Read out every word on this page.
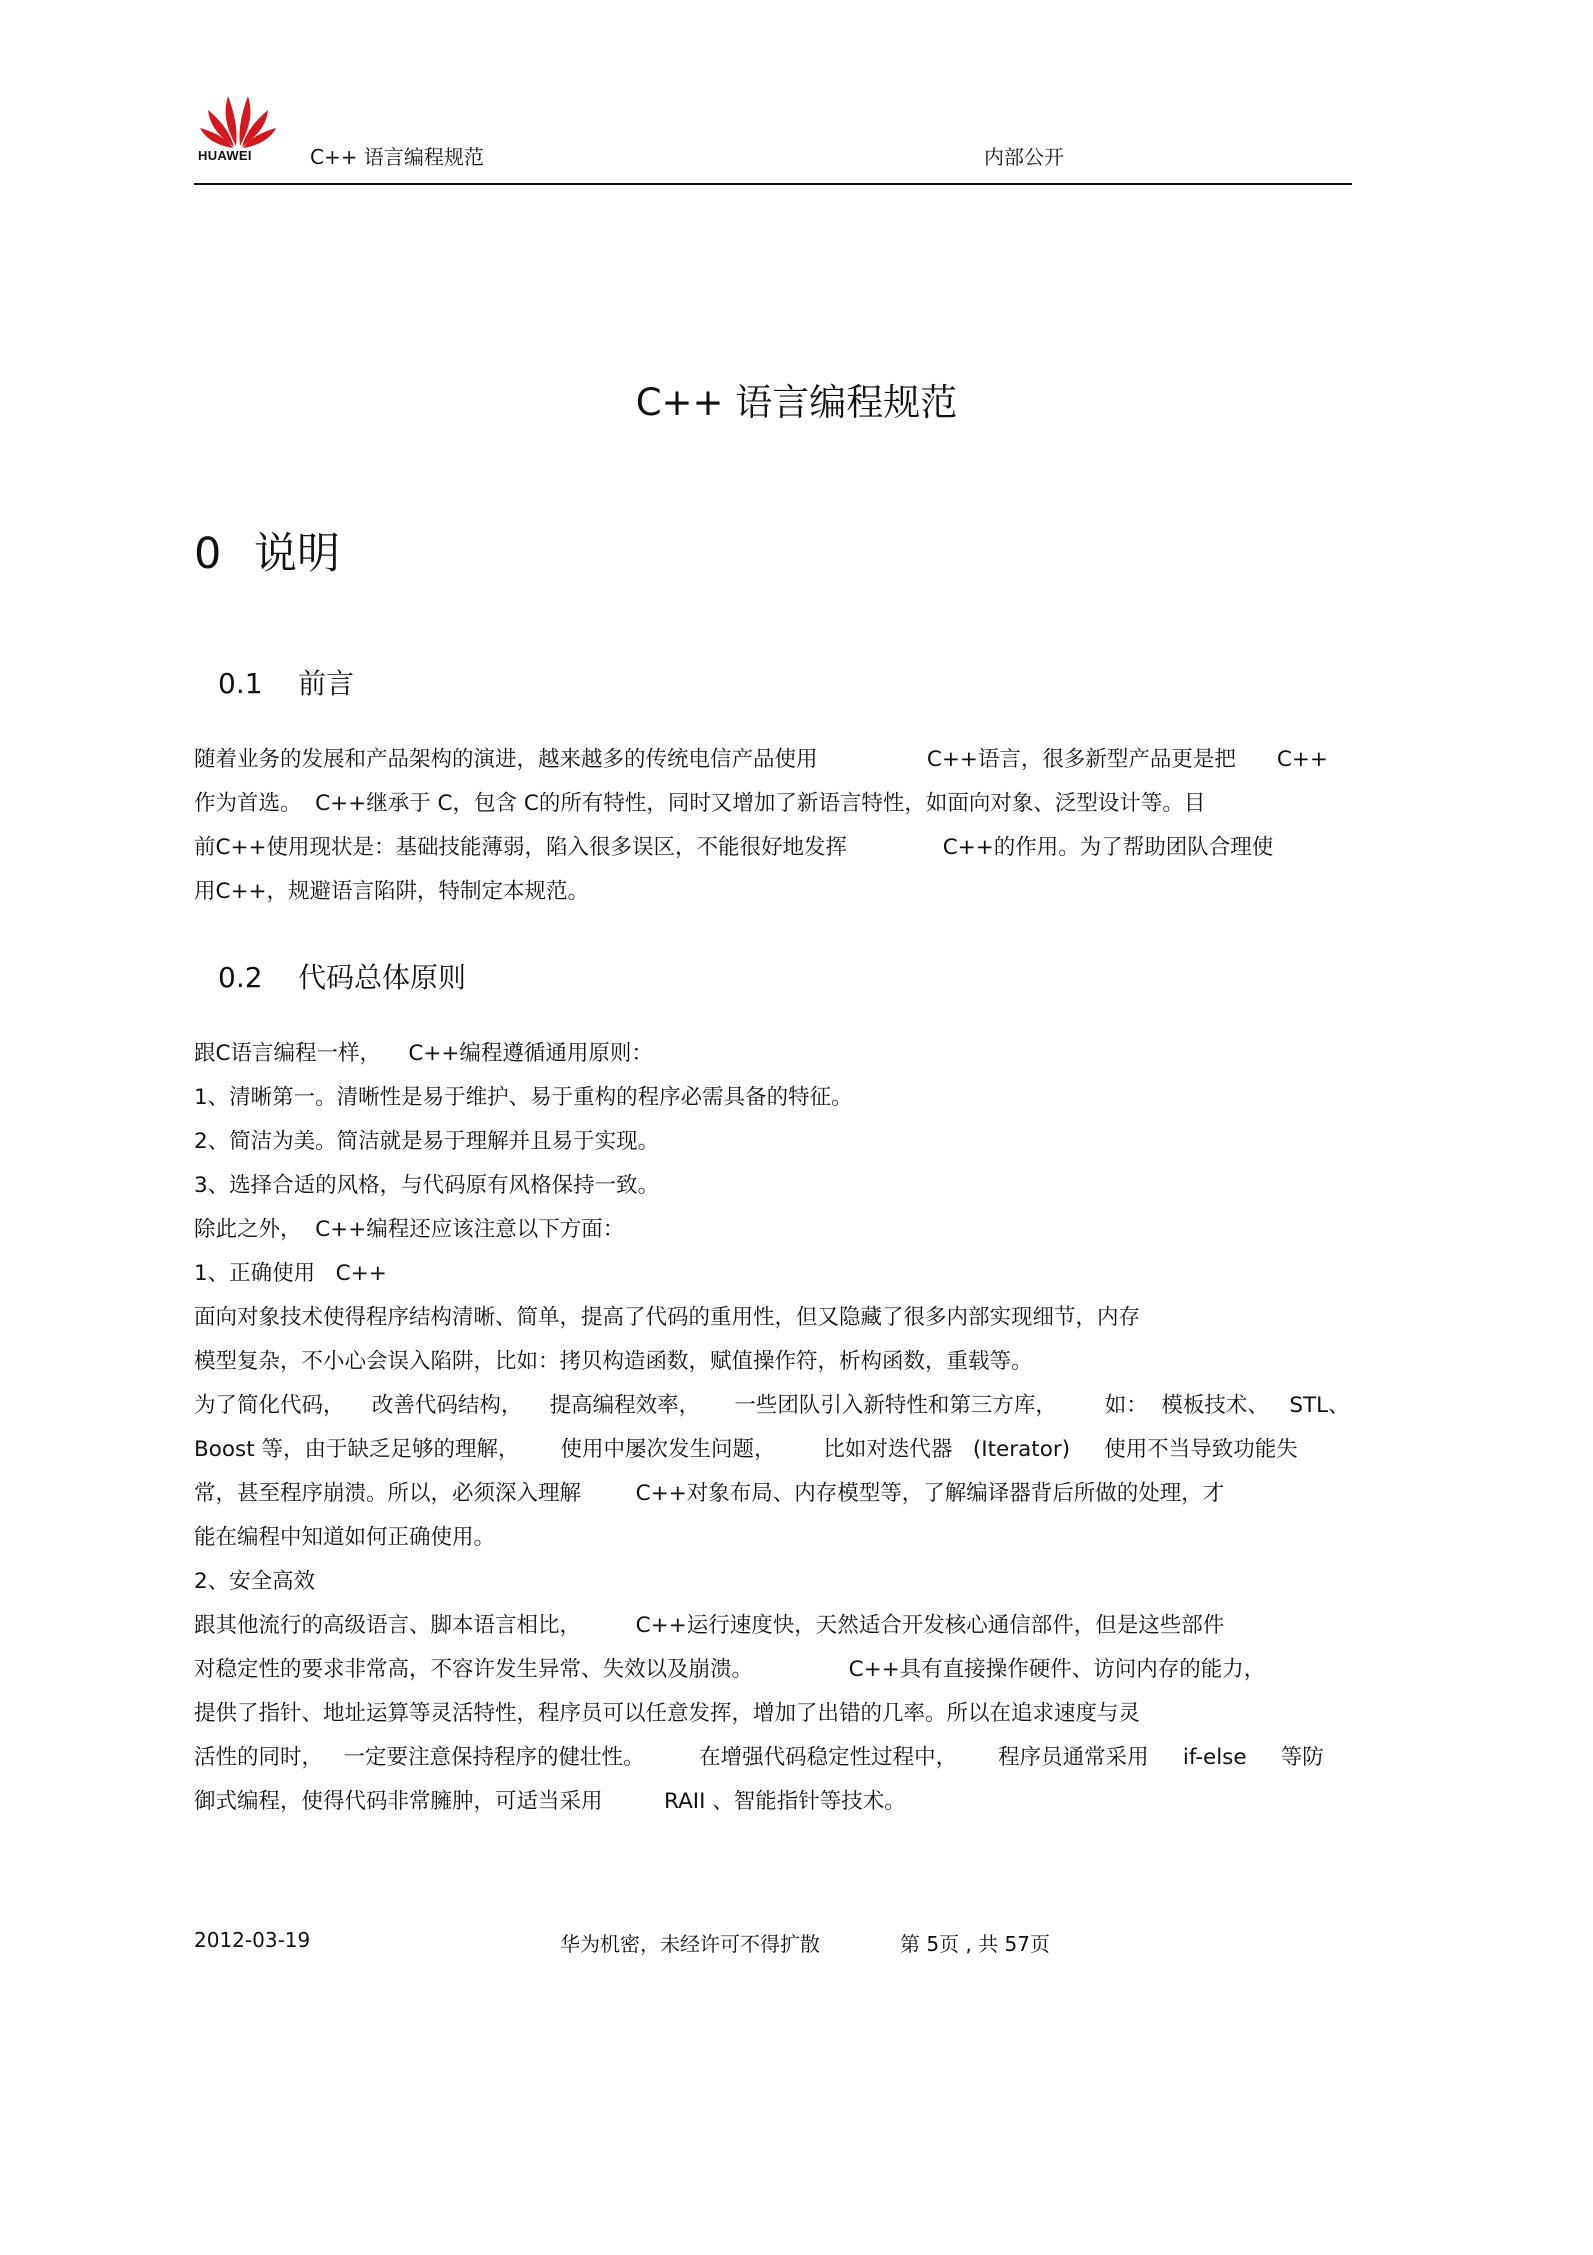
HUAWEI	C++ 语言编程规范	内部公开
C++ 语言编程规范
0 说明
0.1 前言
随着业务的发展和产品架构的演进，越来越多的传统电信产品使用                C++语言，很多新型产品更是把      C++
作为首选。  C++继承于 C，包含 C的所有特性，同时又增加了新语言特性，如面向对象、泛型设计等。目
前C++使用现状是：基础技能薄弱，陷入很多误区，不能很好地发挥              C++的作用。为了帮助团队合理使
用C++，规避语言陷阱，特制定本规范。
0.2 代码总体原则
跟C语言编程一样，    C++编程遵循通用原则：
1、清晰第一。清晰性是易于维护、易于重构的程序必需具备的特征。
2、简洁为美。简洁就是易于理解并且易于实现。
3、选择合适的风格，与代码原有风格保持一致。
除此之外，  C++编程还应该注意以下方面：
1、正确使用   C++
面向对象技术使得程序结构清晰、简单，提高了代码的重用性，但又隐藏了很多内部实现细节，内存
模型复杂，不小心会误入陷阱，比如：拷贝构造函数，赋值操作符，析构函数，重载等。
为了简化代码，    改善代码结构，    提高编程效率，     一些团队引入新特性和第三方库，       如：  模板技术、   STL、
Boost 等，由于缺乏足够的理解，      使用中屡次发生问题，       比如对迭代器   (Iterator)     使用不当导致功能失
常，甚至程序崩溃。所以，必须深入理解        C++对象布局、内存模型等，了解编译器背后所做的处理，才
能在编程中知道如何正确使用。
2、安全高效
跟其他流行的高级语言、脚本语言相比，        C++运行速度快，天然适合开发核心通信部件，但是这些部件
对稳定性的要求非常高，不容许发生异常、失效以及崩溃。              C++具有直接操作硬件、访问内存的能力，
提供了指针、地址运算等灵活特性，程序员可以任意发挥，增加了出错的几率。所以在追求速度与灵
活性的同时，   一定要注意保持程序的健壮性。        在增强代码稳定性过程中，      程序员通常采用     if-else     等防
御式编程，使得代码非常臃肿，可适当采用         RAII 、智能指针等技术。
2012-03-19	华为机密，未经许可不得扩散	第 5页 , 共 57页
